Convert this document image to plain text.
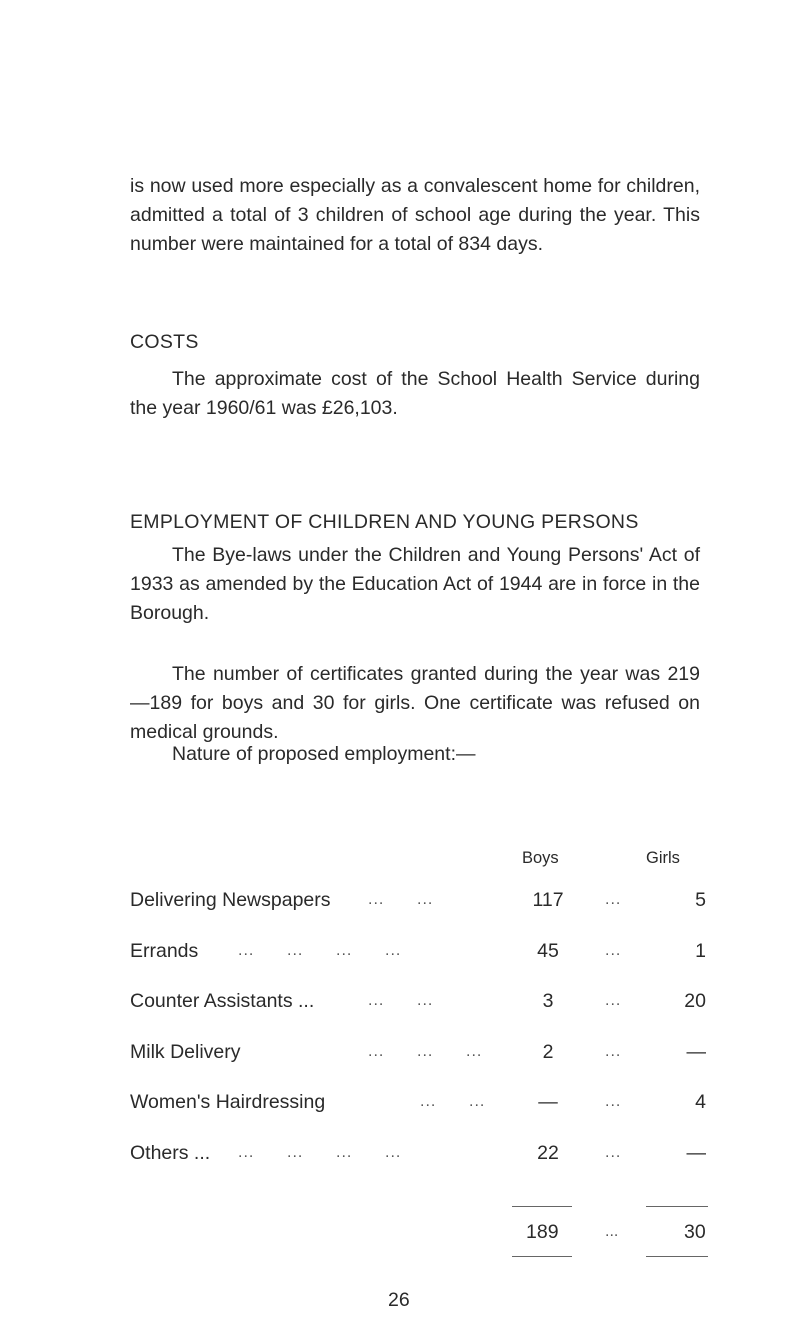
is now used more especially as a convalescent home for children, admitted a total of 3 children of school age during the year. This number were maintained for a total of 834 days.

COSTS

The approximate cost of the School Health Service during the year 1960/61 was £26,103.

EMPLOYMENT OF CHILDREN AND YOUNG PERSONS

The Bye-laws under the Children and Young Persons' Act of 1933 as amended by the Education Act of 1944 are in force in the Borough.

The number of certificates granted during the year was 219 —189 for boys and 30 for girls. One certificate was refused on medical grounds.

Nature of proposed employment:—

Boys	Girls
Delivering Newspapers ...      ...	117	...	5
Errands ...      ...      ...      ...	45	...	1
Counter Assistants ...	...      ...	3	...	20
Milk Delivery	...      ...      ...	2	...	—
Women's Hairdressing	...      ...	—	...	4
Others ... ...      ...      ...      ...	22	...	—
189	...	30
26
